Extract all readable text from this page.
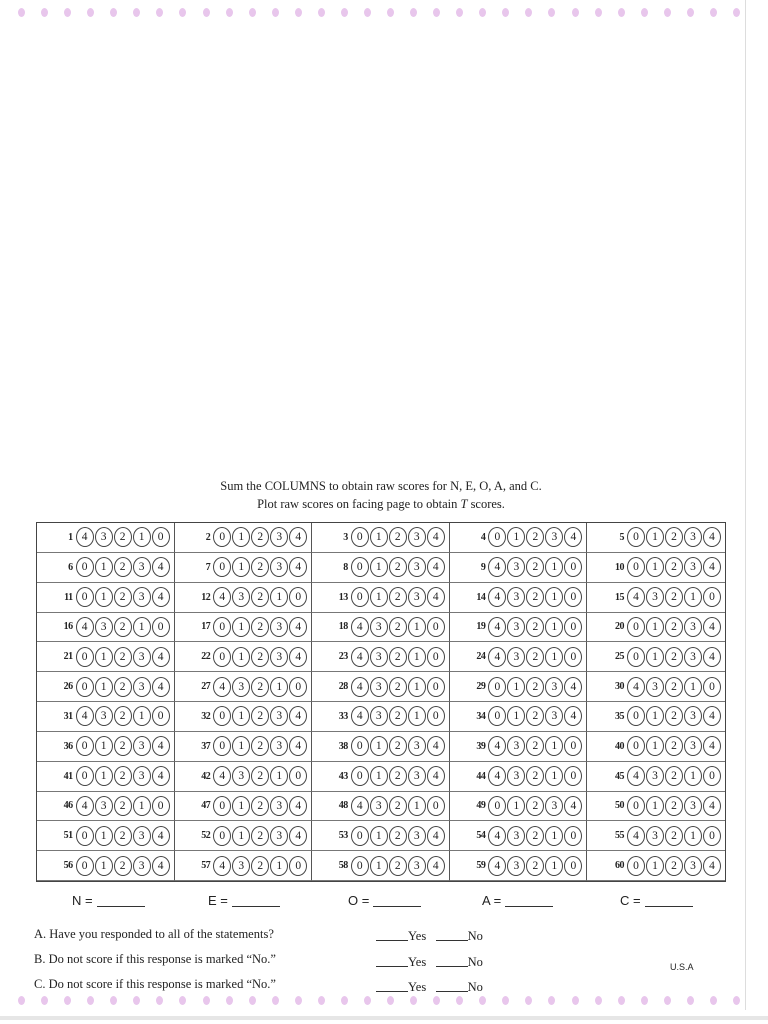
Sum the COLUMNS to obtain raw scores for N, E, O, A, and C.
Plot raw scores on facing page to obtain T scores.
1 4	3	2	1	0	2 0	1	2	3	4	3 0	1	2	3	4	4 0	1	2	3	4	5 0	1	2	3	4
6 0	1	2	3	4	7 0	1	2	3	4	8 0	1	2	3	4	9 4	3	2	1	0	10 0	1	2	3	4
11 0	1	2	3	4	12 4	3	2	1	0	13 0	1	2	3	4	14 4	3	2	1	0	15 4	3	2	1	0
16 4	3	2	1	0	17 0	1	2	3	4	18 4	3	2	1	0	19 4	3	2	1	0	20 0	1	2	3	4
21 0	1	2	3	4	22 0	1	2	3	4	23 4	3	2	1	0	24 4	3	2	1	0	25 0	1	2	3	4
26 0	1	2	3	4	27 4	3	2	1	0	28 4	3	2	1	0	29 0	1	2	3	4	30 4	3	2	1	0
31 4	3	2	1	0	32 0	1	2	3	4	33 4	3	2	1	0	34 0	1	2	3	4	35 0	1	2	3	4
36 0	1	2	3	4	37 0	1	2	3	4	38 0	1	2	3	4	39 4	3	2	1	0	40 0	1	2	3	4
41 0	1	2	3	4	42 4	3	2	1	0	43 0	1	2	3	4	44 4	3	2	1	0	45 4	3	2	1	0
46 4	3	2	1	0	47 0	1	2	3	4	48 4	3	2	1	0	49 0	1	2	3	4	50 0	1	2	3	4
51 0	1	2	3	4	52 0	1	2	3	4	53 0	1	2	3	4	54 4	3	2	1	0	55 4	3	2	1	0
56 0	1	2	3	4	57 4	3	2	1	0	58 0	1	2	3	4	59 4	3	2	1	0	60 0	1	2	3	4
N =	E =	O =	A =	C =
A. Have you responded to all of the statements?	Yes	No
B. Do not score if this response is marked “No.”	Yes	No
C. Do not score if this response is marked “No.”	Yes	No
U.S.A
